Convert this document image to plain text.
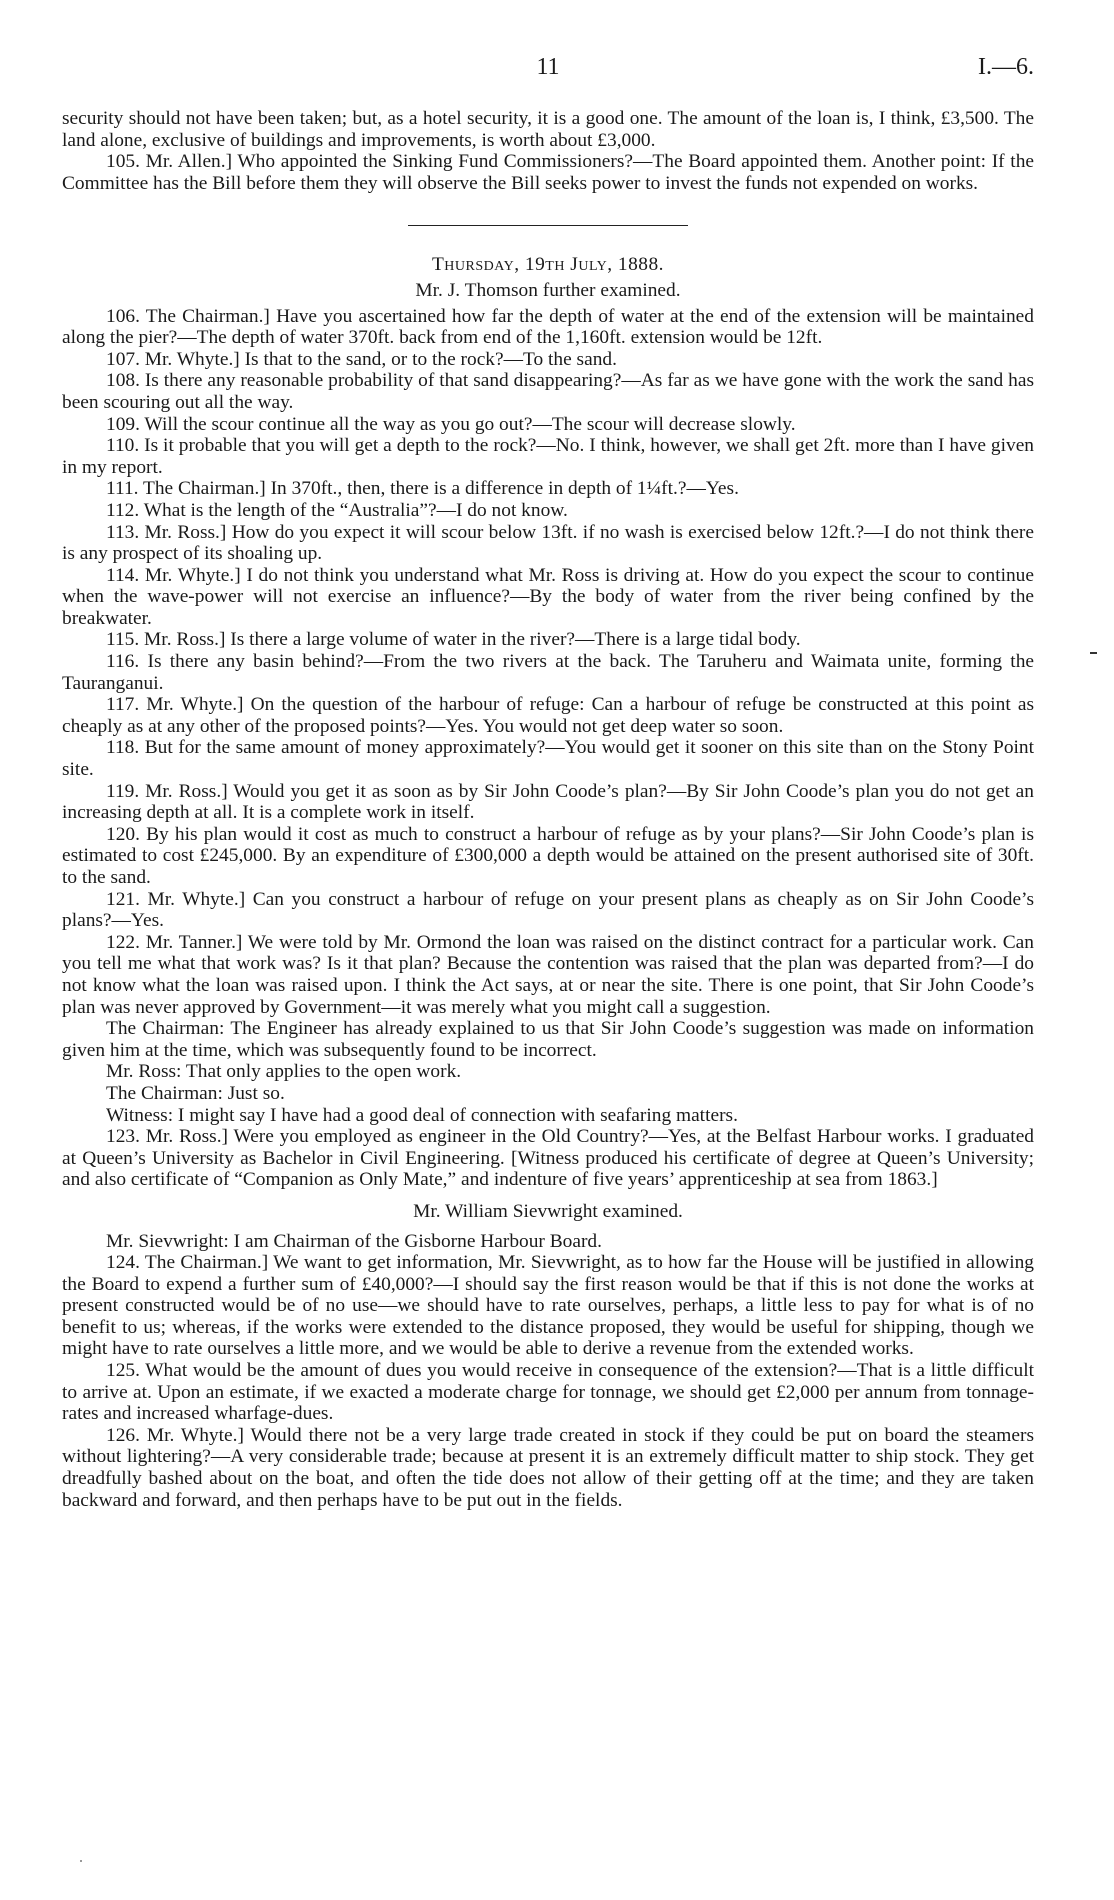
11	I.—6.

security should not have been taken; but, as a hotel security, it is a good one. The amount of the loan is, I think, £3,500. The land alone, exclusive of buildings and improvements, is worth about £3,000.

105. Mr. Allen.] Who appointed the Sinking Fund Commissioners?—The Board appointed them. Another point: If the Committee has the Bill before them they will observe the Bill seeks power to invest the funds not expended on works.

Thursday, 19th July, 1888.

Mr. J. Thomson further examined.

106. The Chairman.] Have you ascertained how far the depth of water at the end of the extension will be maintained along the pier?—The depth of water 370ft. back from end of the 1,160ft. extension would be 12ft.

107. Mr. Whyte.] Is that to the sand, or to the rock?—To the sand.

108. Is there any reasonable probability of that sand disappearing?—As far as we have gone with the work the sand has been scouring out all the way.

109. Will the scour continue all the way as you go out?—The scour will decrease slowly.

110. Is it probable that you will get a depth to the rock?—No. I think, however, we shall get 2ft. more than I have given in my report.

111. The Chairman.] In 370ft., then, there is a difference in depth of 1¼ft.?—Yes.

112. What is the length of the “Australia”?—I do not know.

113. Mr. Ross.] How do you expect it will scour below 13ft. if no wash is exercised below 12ft.?—I do not think there is any prospect of its shoaling up.

114. Mr. Whyte.] I do not think you understand what Mr. Ross is driving at. How do you expect the scour to continue when the wave-power will not exercise an influence?—By the body of water from the river being confined by the breakwater.

115. Mr. Ross.] Is there a large volume of water in the river?—There is a large tidal body.

116. Is there any basin behind?—From the two rivers at the back. The Taruheru and Waimata unite, forming the Tauranganui.

117. Mr. Whyte.] On the question of the harbour of refuge: Can a harbour of refuge be constructed at this point as cheaply as at any other of the proposed points?—Yes. You would not get deep water so soon.

118. But for the same amount of money approximately?—You would get it sooner on this site than on the Stony Point site.

119. Mr. Ross.] Would you get it as soon as by Sir John Coode’s plan?—By Sir John Coode’s plan you do not get an increasing depth at all. It is a complete work in itself.

120. By his plan would it cost as much to construct a harbour of refuge as by your plans?—Sir John Coode’s plan is estimated to cost £245,000. By an expenditure of £300,000 a depth would be attained on the present authorised site of 30ft. to the sand.

121. Mr. Whyte.] Can you construct a harbour of refuge on your present plans as cheaply as on Sir John Coode’s plans?—Yes.

122. Mr. Tanner.] We were told by Mr. Ormond the loan was raised on the distinct contract for a particular work. Can you tell me what that work was? Is it that plan? Because the contention was raised that the plan was departed from?—I do not know what the loan was raised upon. I think the Act says, at or near the site. There is one point, that Sir John Coode’s plan was never approved by Government—it was merely what you might call a suggestion.

The Chairman: The Engineer has already explained to us that Sir John Coode’s suggestion was made on information given him at the time, which was subsequently found to be incorrect.

Mr. Ross: That only applies to the open work.

The Chairman: Just so.

Witness: I might say I have had a good deal of connection with seafaring matters.

123. Mr. Ross.] Were you employed as engineer in the Old Country?—Yes, at the Belfast Harbour works. I graduated at Queen’s University as Bachelor in Civil Engineering. [Witness produced his certificate of degree at Queen’s University; and also certificate of “Companion as Only Mate,” and indenture of five years’ apprenticeship at sea from 1863.]

Mr. William Sievwright examined.

Mr. Sievwright: I am Chairman of the Gisborne Harbour Board.

124. The Chairman.] We want to get information, Mr. Sievwright, as to how far the House will be justified in allowing the Board to expend a further sum of £40,000?—I should say the first reason would be that if this is not done the works at present constructed would be of no use—we should have to rate ourselves, perhaps, a little less to pay for what is of no benefit to us; whereas, if the works were extended to the distance proposed, they would be useful for shipping, though we might have to rate ourselves a little more, and we would be able to derive a revenue from the extended works.

125. What would be the amount of dues you would receive in consequence of the extension?—That is a little difficult to arrive at. Upon an estimate, if we exacted a moderate charge for tonnage, we should get £2,000 per annum from tonnage-rates and increased wharfage-dues.

126. Mr. Whyte.] Would there not be a very large trade created in stock if they could be put on board the steamers without lightering?—A very considerable trade; because at present it is an extremely difficult matter to ship stock. They get dreadfully bashed about on the boat, and often the tide does not allow of their getting off at the time; and they are taken backward and forward, and then perhaps have to be put out in the fields.
